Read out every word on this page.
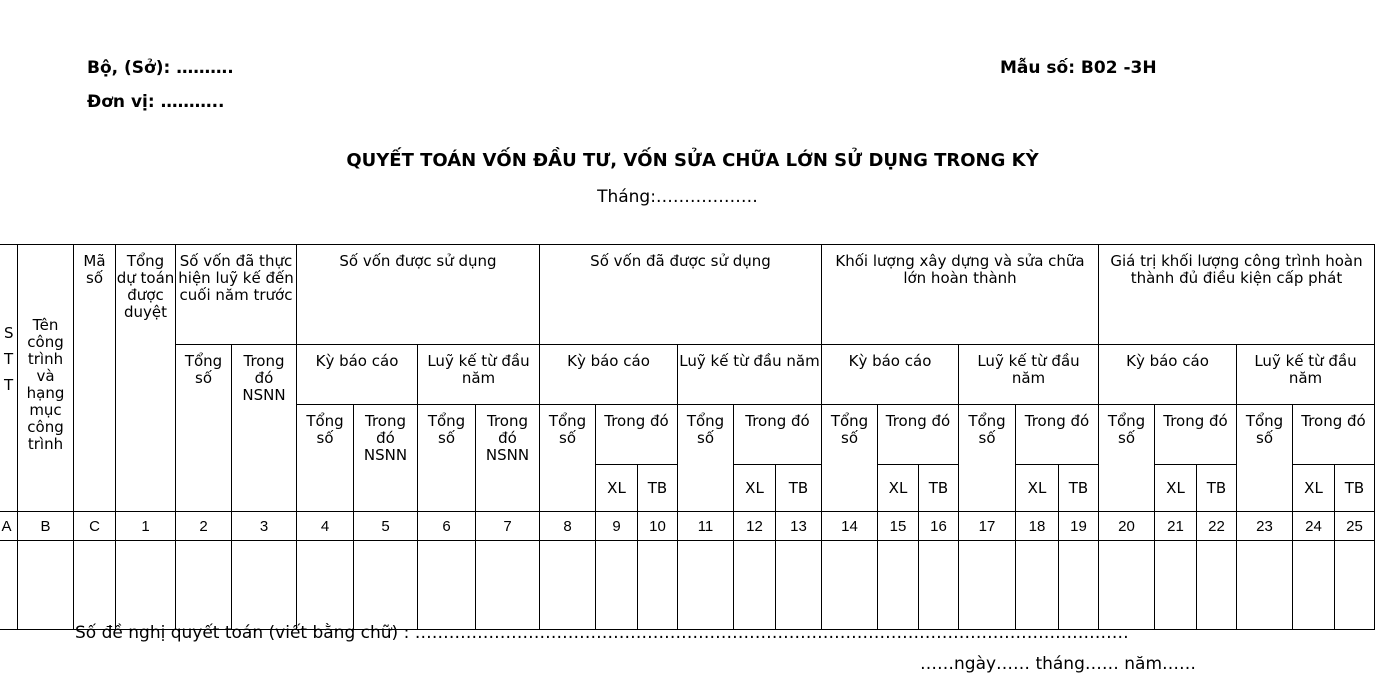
Bộ, (Sở): ……….
Đơn vị: ………..
Mẫu số: B02 -3H
QUYẾT TOÁN VỐN ĐẦU TƯ, VỐN SỬA CHỮA LỚN SỬ DỤNG TRONG KỲ
Tháng:………………
S T T	Tên công trình và hạng mục công trình	Mã số	Tổng dự toán được duyệt	Số vốn đã thực hiện luỹ kế đến cuối năm trước		Số vốn được sử dụng				Số vốn đã được sử dụng						Khối lượng xây dựng và sửa chữa lớn hoàn thành						Giá trị khối lượng công trình hoàn thành đủ điều kiện cấp phát					
				Tổng số	Trong đó NSNN	Kỳ báo cáo		Luỹ kế từ đầu năm		Kỳ báo cáo			Luỹ kế từ đầu năm			Kỳ báo cáo			Luỹ kế từ đầu năm			Kỳ báo cáo			Luỹ kế từ đầu năm		
						Tổng số	Trong đó NSNN	Tổng số	Trong đó NSNN	Tổng số	Trong đó		Tổng số	Trong đó		Tổng số	Trong đó		Tổng số	Trong đó		Tổng số	Trong đó		Tổng số	Trong đó	
											XL	TB		XL	TB		XL	TB		XL	TB		XL	TB		XL	TB
A	B	C	1	2	3	4	5	6	7	8	9	10	11	12	13	14	15	16	17	18	19	20	21	22	23	24	25

Số đề nghị quyết toán (viết bằng chữ) : ………………………………………………………………………………………………………………
……ngày…… tháng…… năm……
